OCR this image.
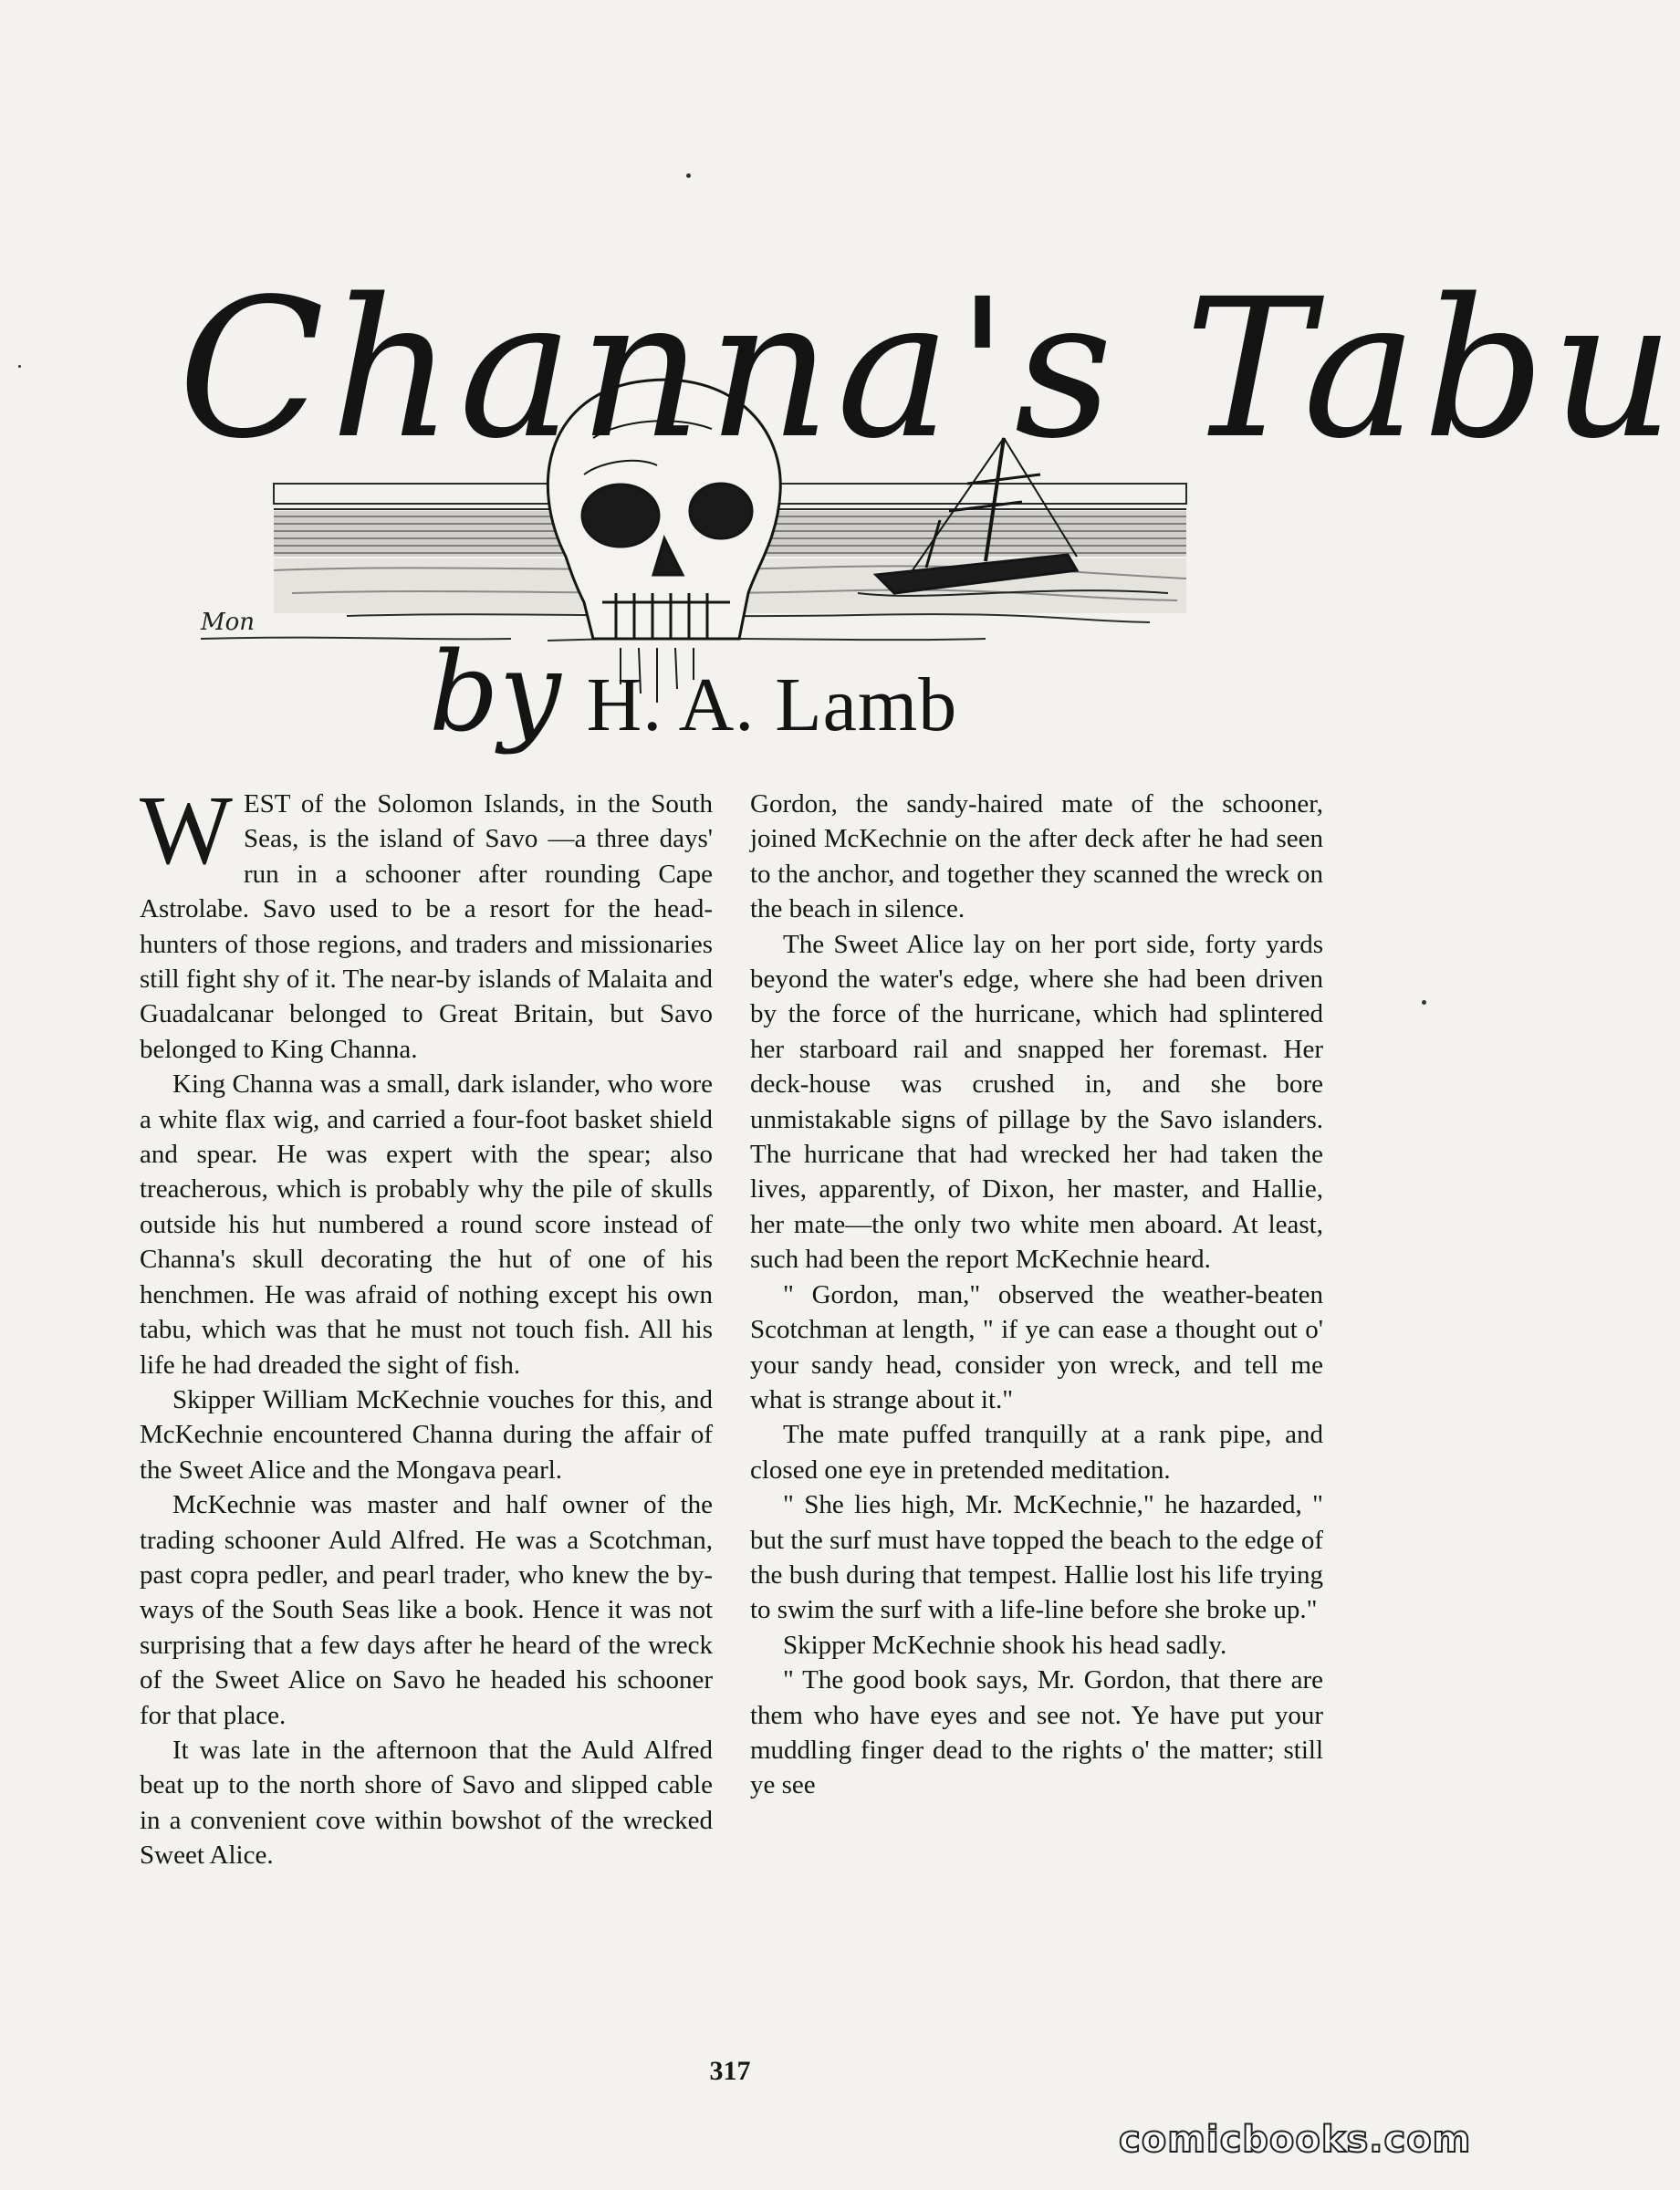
Mon
Channa's Tabu
by H. A. Lamb

WEST of the Solomon Islands, in the South Seas, is the island of Savo —a three days' run in a schooner after rounding Cape Astrolabe. Savo used to be a resort for the head-hunters of those regions, and traders and missionaries still fight shy of it. The near-by islands of Malaita and Guadalcanar belonged to Great Britain, but Savo belonged to King Channa.

King Channa was a small, dark islander, who wore a white flax wig, and carried a four-foot basket shield and spear. He was expert with the spear; also treacherous, which is probably why the pile of skulls outside his hut numbered a round score instead of Channa's skull decorating the hut of one of his henchmen. He was afraid of nothing except his own tabu, which was that he must not touch fish. All his life he had dreaded the sight of fish.

Skipper William McKechnie vouches for this, and McKechnie encountered Channa during the affair of the Sweet Alice and the Mongava pearl.

McKechnie was master and half owner of the trading schooner Auld Alfred. He was a Scotchman, past copra pedler, and pearl trader, who knew the by-ways of the South Seas like a book. Hence it was not surprising that a few days after he heard of the wreck of the Sweet Alice on Savo he headed his schooner for that place.

It was late in the afternoon that the Auld Alfred beat up to the north shore of Savo and slipped cable in a convenient cove within bowshot of the wrecked Sweet Alice.

Gordon, the sandy-haired mate of the schooner, joined McKechnie on the after deck after he had seen to the anchor, and together they scanned the wreck on the beach in silence.

The Sweet Alice lay on her port side, forty yards beyond the water's edge, where she had been driven by the force of the hurricane, which had splintered her starboard rail and snapped her foremast. Her deck-house was crushed in, and she bore unmistakable signs of pillage by the Savo islanders. The hurricane that had wrecked her had taken the lives, apparently, of Dixon, her master, and Hallie, her mate—the only two white men aboard. At least, such had been the report McKechnie heard.

" Gordon, man," observed the weather-beaten Scotchman at length, " if ye can ease a thought out o' your sandy head, consider yon wreck, and tell me what is strange about it."

The mate puffed tranquilly at a rank pipe, and closed one eye in pretended meditation.

" She lies high, Mr. McKechnie," he hazarded, " but the surf must have topped the beach to the edge of the bush during that tempest. Hallie lost his life trying to swim the surf with a life-line before she broke up."

Skipper McKechnie shook his head sadly.

" The good book says, Mr. Gordon, that there are them who have eyes and see not. Ye have put your muddling finger dead to the rights o' the matter; still ye see

317
comicbooks.com
